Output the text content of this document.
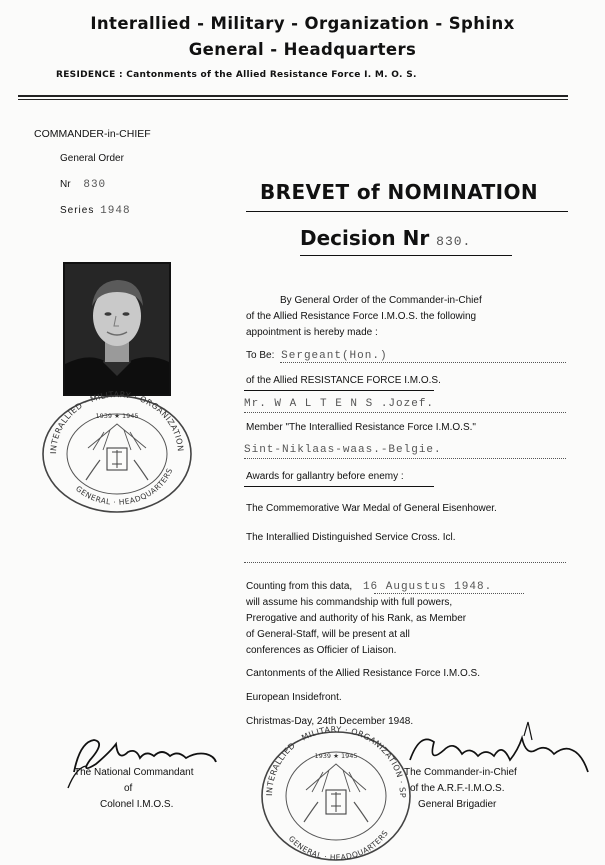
Interallied - Military - Organization - Sphinx
General - Headquarters
RESIDENCE : Cantonments of the Allied Resistance Force I. M. O. S.
COMMANDER-in-CHIEF
General Order
Nr 830
Series 1948
BREVET of NOMINATION
Decision Nr 830.
INTERALLIED · MILITARY · ORGANIZATION
GENERAL · HEADQUARTERS
1939 ★ 1945
By General Order of the Commander-in-Chief
of the Allied Resistance Force I.M.O.S. the following
appointment is hereby made :
To Be: Sergeant(Hon.)
of the Allied RESISTANCE FORCE I.M.O.S.
Mr. W A L T E N S .Jozef.
Member "The Interallied Resistance Force I.M.O.S."
Sint-Niklaas-waas.-Belgie.
Awards for gallantry before enemy :
The Commemorative War Medal of General Eisenhower.
The Interallied Distinguished Service Cross. Icl.
Counting from this data, 16 Augustus 1948.
will assume his commandship with full powers,
Prerogative and authority of his Rank, as Member
of General-Staff, will be present at all
conferences as Officier of Liaison.
Cantonments of the Allied Resistance Force I.M.O.S.
European Insidefront.
Christmas-Day, 24th December 1948.
The National Commandant
of
Colonel I.M.O.S.
INTERALLIED · MILITARY · ORGANIZATION · SP
GENERAL · HEADQUARTERS
1939 ★ 1945
The Commander-in-Chief
of the A.R.F.-I.M.O.S.
General Brigadier
